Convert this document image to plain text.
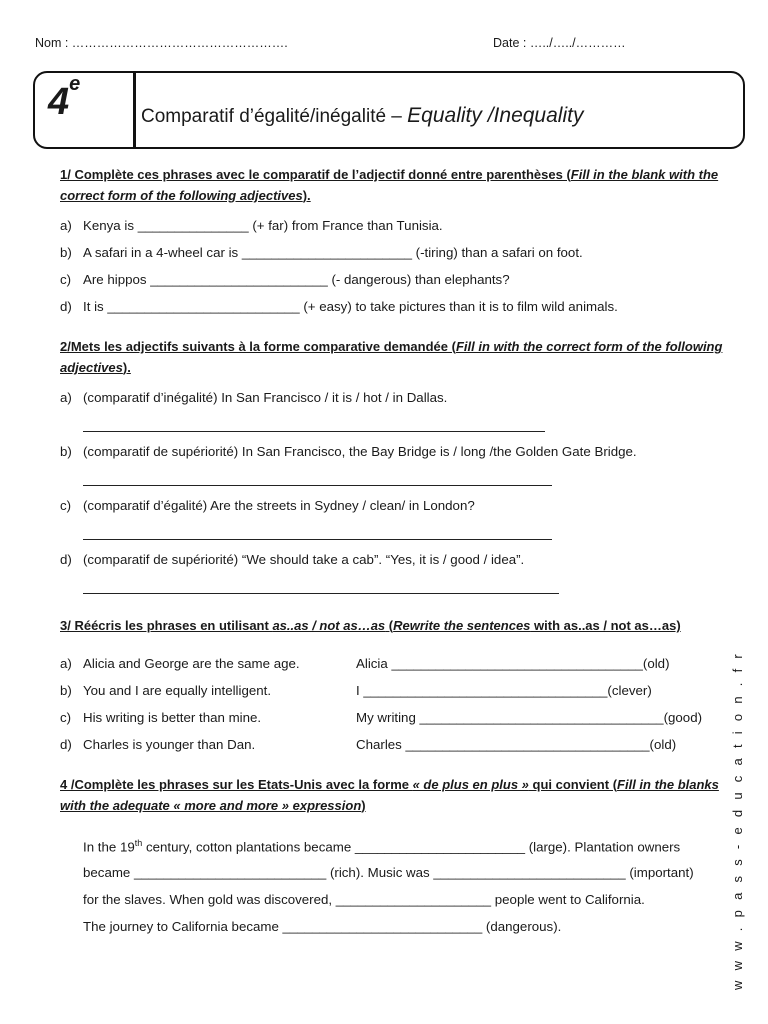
Nom : …………………………………………….	Date : …../…../…………
4e
Comparatif d’égalité/inégalité – Equality /Inequality
1/ Complète ces phrases avec le comparatif de l’adjectif donné entre parenthèses (Fill in the blank with the correct form of the following adjectives).
a) Kenya is _______________ (+ far) from France than Tunisia.
b) A safari in a 4-wheel car is _______________________ (-tiring) than a safari on foot.
c) Are hippos ________________________ (- dangerous) than elephants?
d) It is __________________________ (+ easy) to take pictures than it is to film wild animals.
2/Mets les adjectifs suivants à la forme comparative demandée (Fill in with the correct form of the following adjectives).
a) (comparatif d’inégalité) In San Francisco / it is / hot / in Dallas.
b) (comparatif de supériorité) In San Francisco, the Bay Bridge is / long /the Golden Gate Bridge.
c) (comparatif d’égalité) Are the streets in Sydney / clean/ in London?
d) (comparatif de supériorité) “We should take a cab”. “Yes, it is / good / idea”.
3/ Réécris les phrases en utilisant as..as / not as…as (Rewrite the sentences with as..as / not as…as)
a) Alicia and George are the same age.	Alicia __________________________________(old)
b) You and I are equally intelligent.	I _________________________________(clever)
c) His writing is better than mine.	My writing _________________________________(good)
d) Charles is younger than Dan.	Charles _________________________________(old)
4 /Complète les phrases sur les Etats-Unis avec la forme « de plus en plus » qui convient (Fill in the blanks with the adequate « more and more » expression)
In the 19th century, cotton plantations became _______________________ (large). Plantation owners
became __________________________ (rich). Music was __________________________ (important)
for the slaves. When gold was discovered, _____________________ people went to California.
The journey to California became ___________________________ (dangerous).	w w w . p a s s - e d u c a t i o n . f r
